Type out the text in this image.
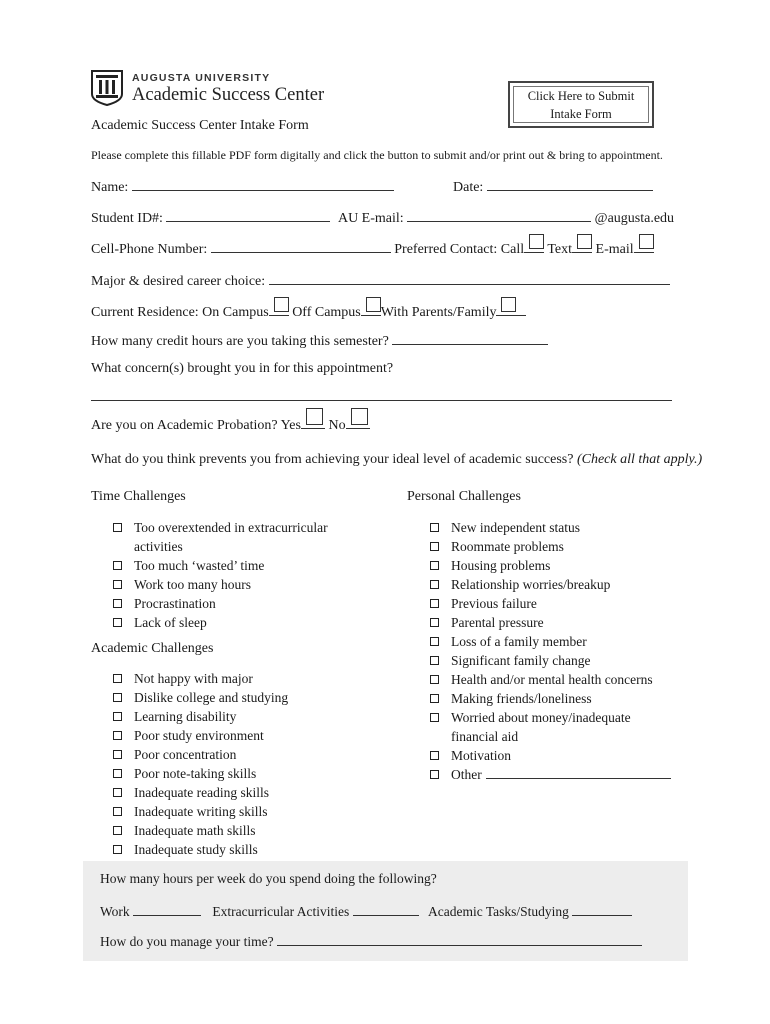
AUGUSTA UNIVERSITY
Academic Success Center	Click Here to Submit Intake Form
Academic Success Center Intake Form
Please complete this fillable PDF form digitally and click the button to submit and/or print out & bring to appointment.
Name:	Date:
Student ID#:	AU E-mail:	@augusta.edu
Cell-Phone Number:	Preferred Contact: Call Text E-mail
Major & desired career choice:
Current Residence: On Campus Off Campus With Parents/Family
How many credit hours are you taking this semester?
What concern(s) brought you in for this appointment?
Are you on Academic Probation? Yes No
What do you think prevents you from achieving your ideal level of academic success? (Check all that apply.)
Time Challenges
Too overextended in extracurricular activities
Too much ‘wasted’ time
Work too many hours
Procrastination
Lack of sleep
Academic Challenges
Not happy with major
Dislike college and studying
Learning disability
Poor study environment
Poor concentration
Poor note-taking skills
Inadequate reading skills
Inadequate writing skills
Inadequate math skills
Inadequate study skills
Personal Challenges
New independent status
Roommate problems
Housing problems
Relationship worries/breakup
Previous failure
Parental pressure
Loss of a family member
Significant family change
Health and/or mental health concerns
Making friends/loneliness
Worried about money/inadequate financial aid
Motivation
Other
How many hours per week do you spend doing the following?
Work	Extracurricular Activities	Academic Tasks/Studying
How do you manage your time?
